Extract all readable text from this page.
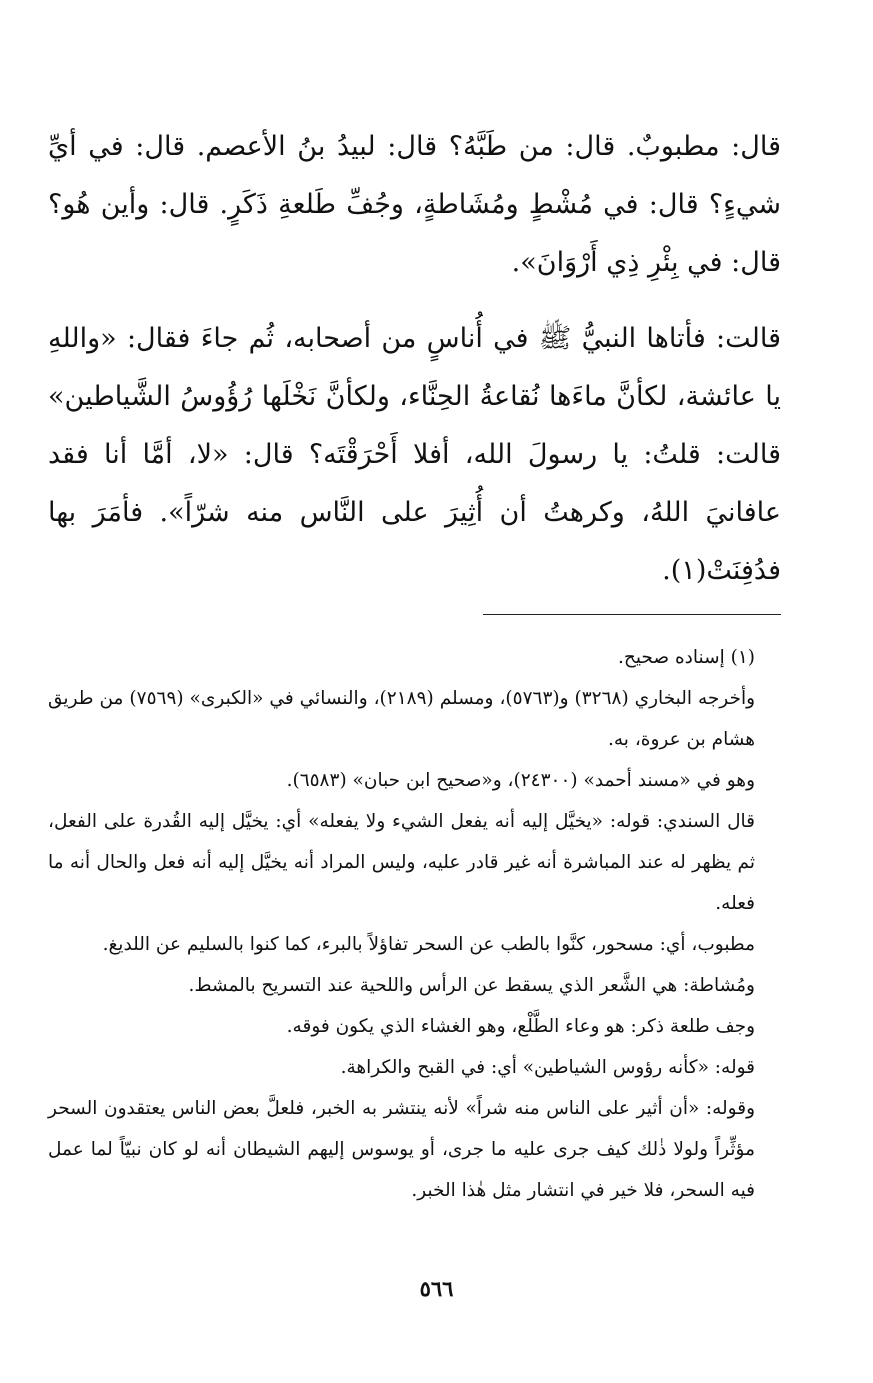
قال: مطبوبٌ. قال: من طَبَّهُ؟ قال: لبيدُ بنُ الأعصم. قال: في أيِّ شيءٍ؟ قال: في مُشْطٍ ومُشَاطةٍ، وجُفِّ طَلعةِ ذَكَرٍ. قال: وأين هُو؟ قال: في بِئْرِ ذِي أَرْوَانَ».

قالت: فأتاها النبيُّ ﷺ في أُناسٍ من أصحابه، ثُم جاءَ فقال: «واللهِ يا عائشة، لكأنَّ ماءَها نُقاعةُ الحِنَّاء، ولكأنَّ نَخْلَها رُؤُوسُ الشَّياطين» قالت: قلتُ: يا رسولَ الله، أفلا أَحْرَقْتَه؟ قال: «لا، أمَّا أنا فقد عافانيَ اللهُ، وكرهتُ أن أُثِيرَ على النَّاس منه شرّاً». فأمَرَ بها فدُفِنَتْ(١).

(١) إسناده صحيح.

وأخرجه البخاري (٣٢٦٨) و(٥٧٦٣)، ومسلم (٢١٨٩)، والنسائي في «الكبرى» (٧٥٦٩) من طريق هشام بن عروة، به.

وهو في «مسند أحمد» (٢٤٣٠٠)، و«صحيح ابن حبان» (٦٥٨٣).

قال السندي: قوله: «يخيَّل إليه أنه يفعل الشيء ولا يفعله» أي: يخيَّل إليه القُدرة على الفعل، ثم يظهر له عند المباشرة أنه غير قادر عليه، وليس المراد أنه يخيَّل إليه أنه فعل والحال أنه ما فعله.

مطبوب، أي: مسحور، كنَّوا بالطب عن السحر تفاؤلاً بالبرء، كما كنوا بالسليم عن اللديغ.

ومُشاطة: هي الشَّعر الذي يسقط عن الرأس واللحية عند التسريح بالمشط.

وجف طلعة ذكر: هو وعاء الطَّلْع، وهو الغشاء الذي يكون فوقه.

قوله: «كأنه رؤوس الشياطين» أي: في القبح والكراهة.

وقوله: «أن أثير على الناس منه شراً» لأنه ينتشر به الخبر، فلعلَّ بعض الناس يعتقدون السحر مؤثِّراً ولولا ذٰلك كيف جرى عليه ما جرى، أو يوسوس إليهم الشيطان أنه لو كان نبيّاً لما عمل فيه السحر، فلا خير في انتشار مثل هٰذا الخبر.

٥٦٦
